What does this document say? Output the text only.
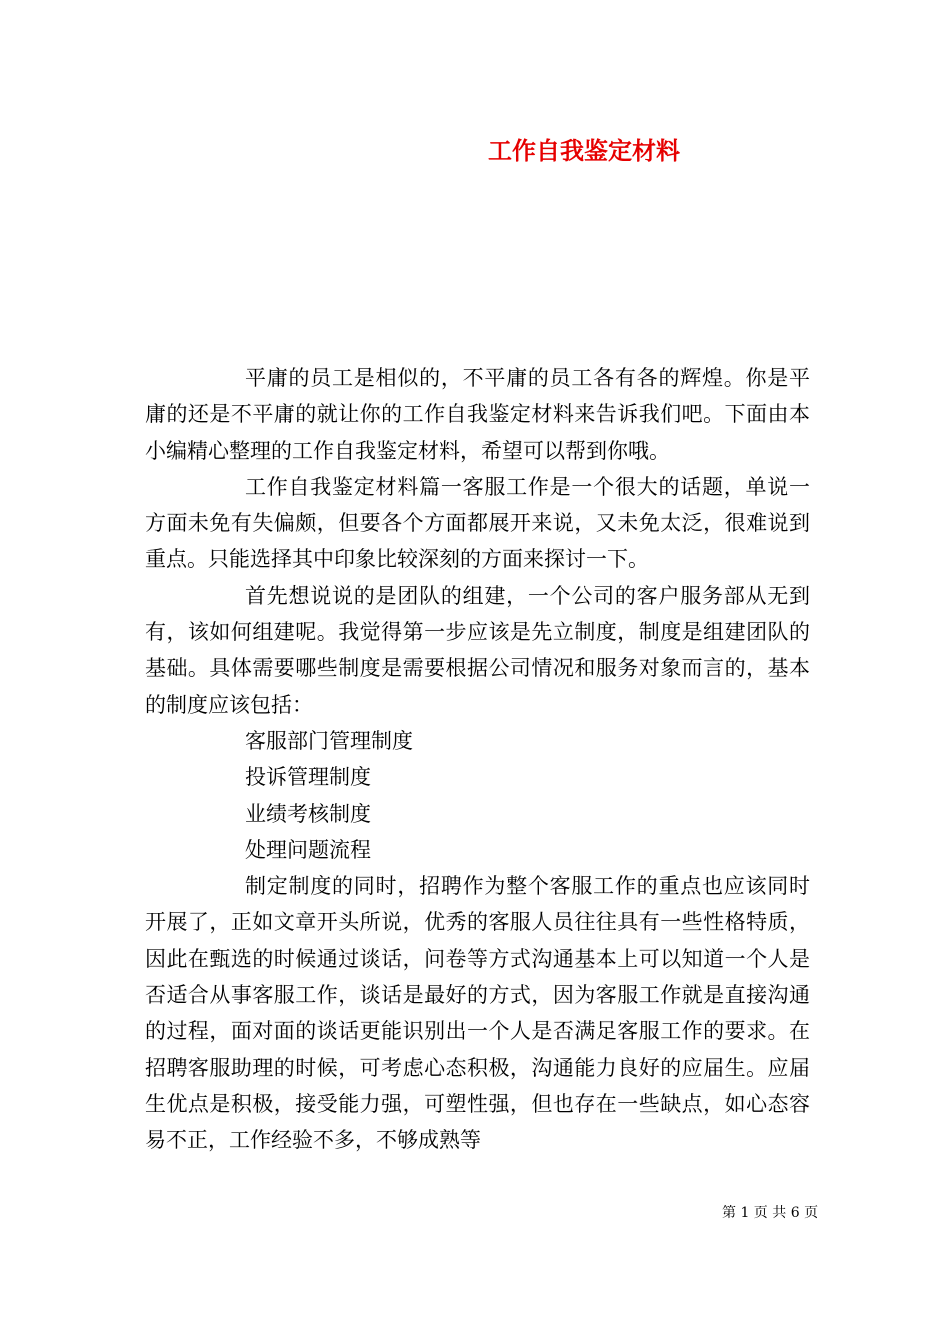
工作自我鉴定材料

平庸的员工是相似的，不平庸的员工各有各的辉煌。你是平庸的还是不平庸的就让你的工作自我鉴定材料来告诉我们吧。下面由本小编精心整理的工作自我鉴定材料，希望可以帮到你哦。

工作自我鉴定材料篇一客服工作是一个很大的话题，单说一方面未免有失偏颇，但要各个方面都展开来说，又未免太泛，很难说到重点。只能选择其中印象比较深刻的方面来探讨一下。

首先想说说的是团队的组建，一个公司的客户服务部从无到有，该如何组建呢。我觉得第一步应该是先立制度，制度是组建团队的基础。具体需要哪些制度是需要根据公司情况和服务对象而言的，基本的制度应该包括：

客服部门管理制度

投诉管理制度

业绩考核制度

处理问题流程

制定制度的同时，招聘作为整个客服工作的重点也应该同时开展了，正如文章开头所说，优秀的客服人员往往具有一些性格特质，因此在甄选的时候通过谈话，问卷等方式沟通基本上可以知道一个人是否适合从事客服工作，谈话是最好的方式，因为客服工作就是直接沟通的过程，面对面的谈话更能识别出一个人是否满足客服工作的要求。在招聘客服助理的时候，可考虑心态积极，沟通能力良好的应届生。应届生优点是积极，接受能力强，可塑性强，但也存在一些缺点，如心态容易不正，工作经验不多，不够成熟等

第 1 页 共 6 页
